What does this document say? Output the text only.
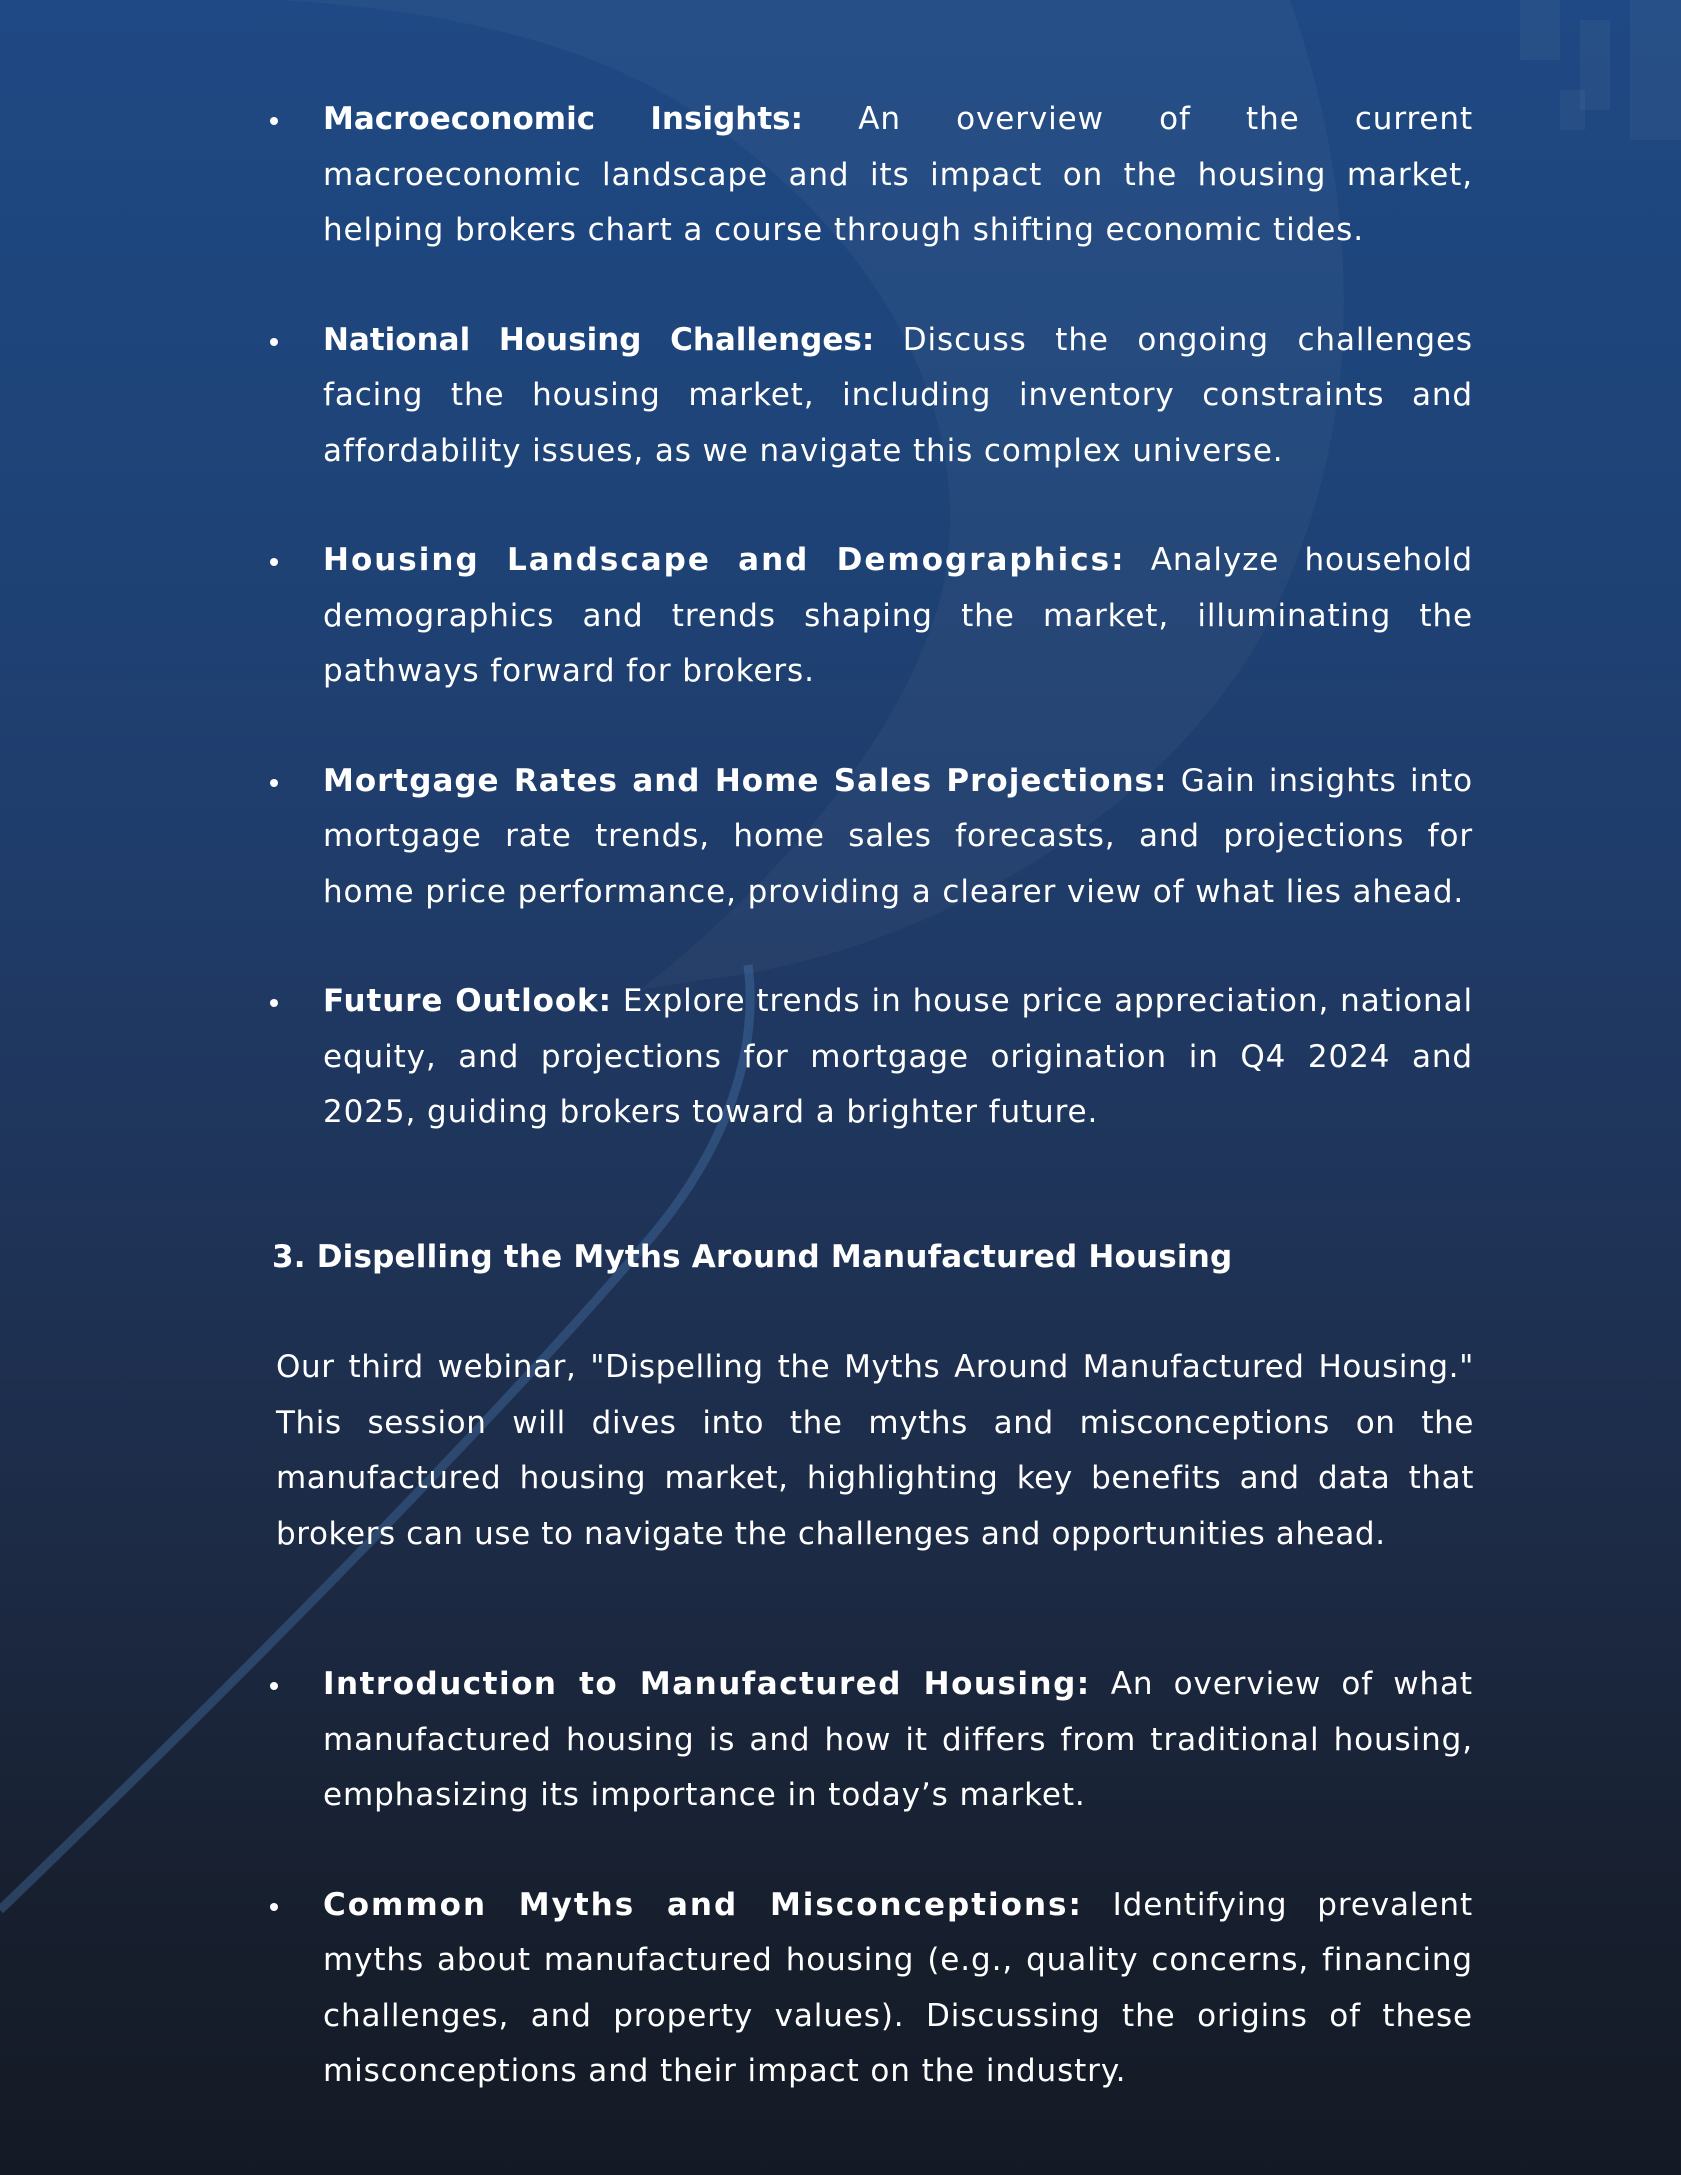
Macroeconomic Insights: An overview of the current macroeconomic landscape and its impact on the housing market, helping brokers chart a course through shifting economic tides.
National Housing Challenges: Discuss the ongoing challenges facing the housing market, including inventory constraints and affordability issues, as we navigate this complex universe.
Housing Landscape and Demographics: Analyze household demographics and trends shaping the market, illuminating the pathways forward for brokers.
Mortgage Rates and Home Sales Projections: Gain insights into mortgage rate trends, home sales forecasts, and projections for home price performance, providing a clearer view of what lies ahead.
Future Outlook: Explore trends in house price appreciation, national equity, and projections for mortgage origination in Q4 2024 and 2025, guiding brokers toward a brighter future.
3. Dispelling the Myths Around Manufactured Housing

Our third webinar, "Dispelling the Myths Around Manufactured Housing." This session will dives into the myths and misconceptions on the manufactured housing market, highlighting key benefits and data that brokers can use to navigate the challenges and opportunities ahead.

Introduction to Manufactured Housing: An overview of what manufactured housing is and how it differs from traditional housing, emphasizing its importance in today’s market.
Common Myths and Misconceptions: Identifying prevalent myths about manufactured housing (e.g., quality concerns, financing challenges, and property values). Discussing the origins of these misconceptions and their impact on the industry.
